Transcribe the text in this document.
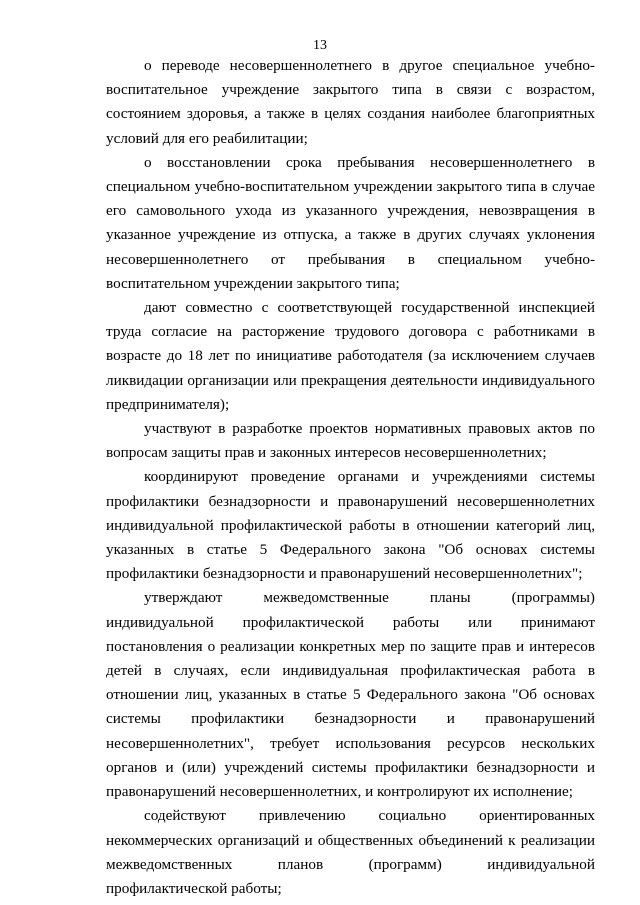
13

о переводе несовершеннолетнего в другое специальное учебно-воспитательное учреждение закрытого типа в связи с возрастом, состоянием здоровья, а также в целях создания наиболее благоприятных условий для его реабилитации;

о восстановлении срока пребывания несовершеннолетнего в специальном учебно-воспитательном учреждении закрытого типа в случае его самовольного ухода из указанного учреждения, невозвращения в указанное учреждение из отпуска, а также в других случаях уклонения несовершеннолетнего от пребывания в специальном учебно-воспитательном учреждении закрытого типа;

дают совместно с соответствующей государственной инспекцией труда согласие на расторжение трудового договора с работниками в возрасте до 18 лет по инициативе работодателя (за исключением случаев ликвидации организации или прекращения деятельности индивидуального предпринимателя);

участвуют в разработке проектов нормативных правовых актов по вопросам защиты прав и законных интересов несовершеннолетних;

координируют проведение органами и учреждениями системы профилактики безнадзорности и правонарушений несовершеннолетних индивидуальной профилактической работы в отношении категорий лиц, указанных в статье 5 Федерального закона "Об основах системы профилактики безнадзорности и правонарушений несовершеннолетних";

утверждают межведомственные планы (программы) индивидуальной профилактической работы или принимают постановления о реализации конкретных мер по защите прав и интересов детей в случаях, если индивидуальная профилактическая работа в отношении лиц, указанных в статье 5 Федерального закона "Об основах системы профилактики безнадзорности и правонарушений несовершеннолетних", требует использования ресурсов нескольких органов и (или) учреждений системы профилактики безнадзорности и правонарушений несовершеннолетних, и контролируют их исполнение;

содействуют привлечению социально ориентированных некоммерческих организаций и общественных объединений к реализации межведомственных планов (программ) индивидуальной профилактической работы;
